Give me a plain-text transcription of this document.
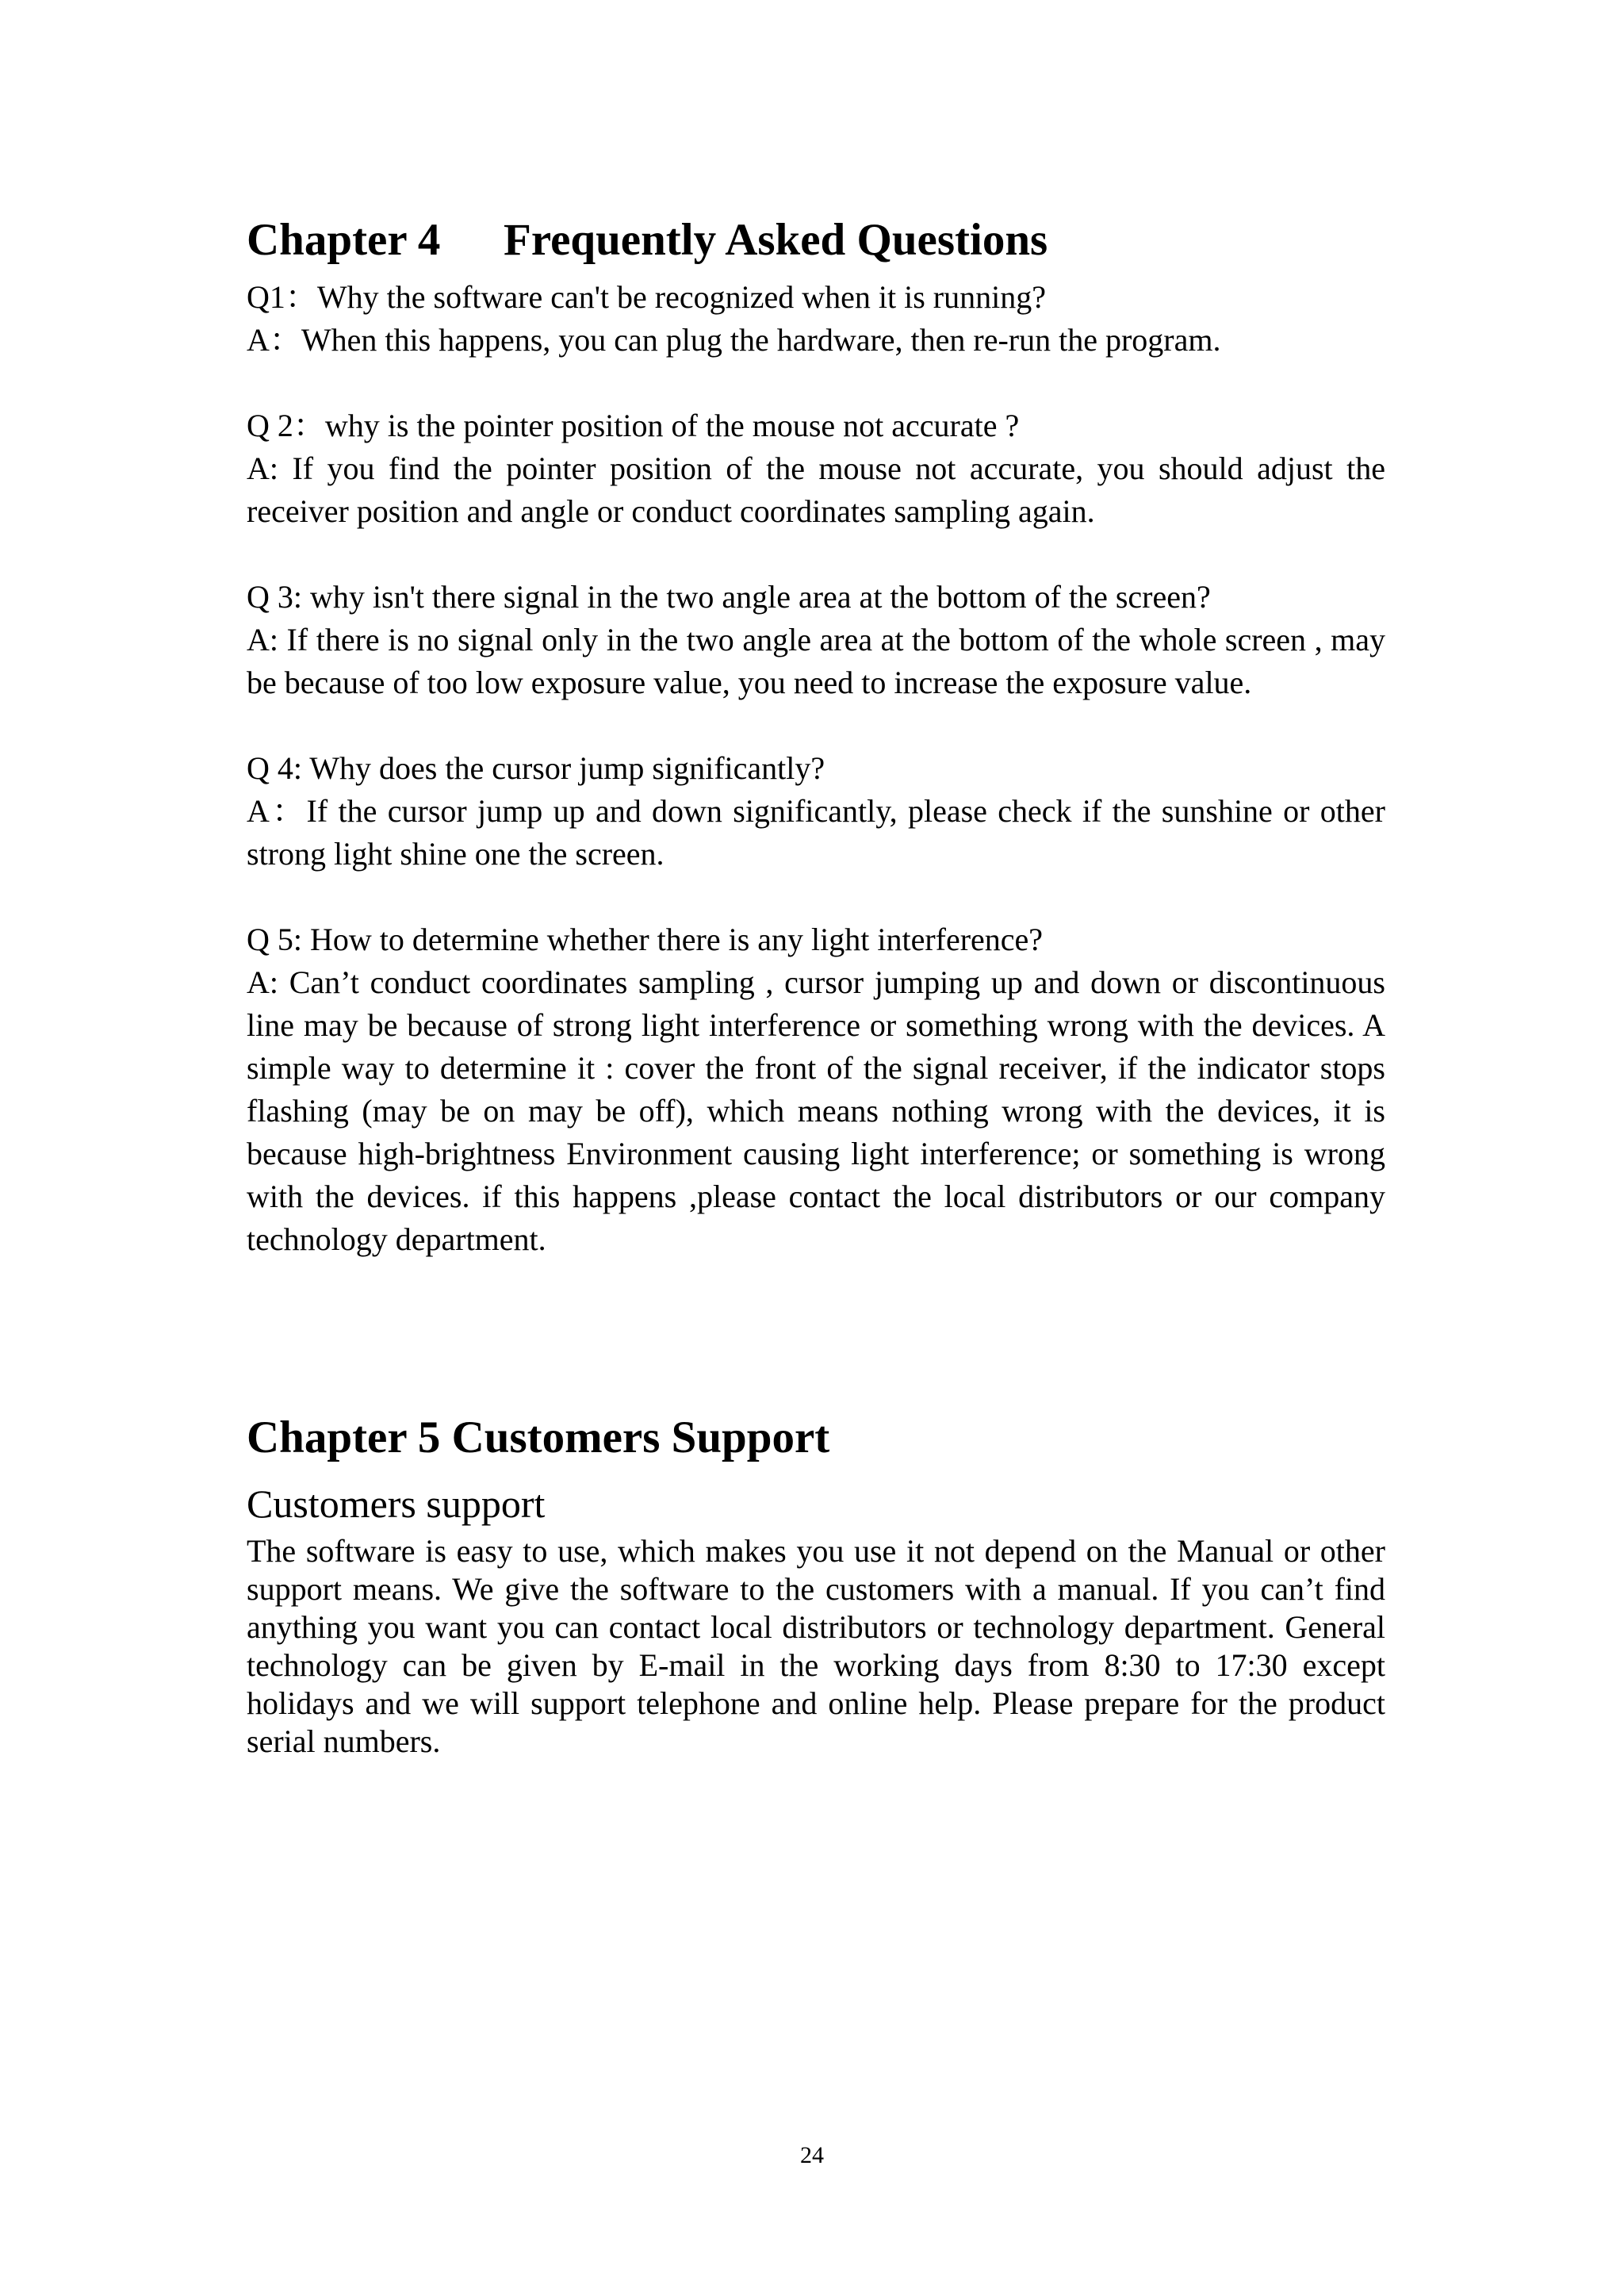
Chapter 4 Frequently Asked Questions

Q1：Why the software can't be recognized when it is running?

A：When this happens, you can plug the hardware, then re-run the program.

Q 2：why is the pointer position of the mouse not accurate ?

A: If you find the pointer position of the mouse not accurate, you should adjust the receiver position and angle or conduct coordinates sampling again.

Q 3: why isn't there signal in the two angle area at the bottom of the screen?

A: If there is no signal only in the two angle area at the bottom of the whole screen , may be because of too low exposure value, you need to increase the exposure value.

Q 4: Why does the cursor jump significantly?

A：If the cursor jump up and down significantly, please check if the sunshine or other strong light shine one the screen.

Q 5: How to determine whether there is any light interference?

A: Can’t conduct coordinates sampling , cursor jumping up and down or discontinuous line may be because of strong light interference or something wrong with the devices. A simple way to determine it : cover the front of the signal receiver, if the indicator stops flashing (may be on may be off), which means nothing wrong with the devices, it is because high-brightness Environment causing light interference; or something is wrong with the devices. if this happens ,please contact the local distributors or our company technology department.

Chapter 5 Customers Support
Customers support

The software is easy to use, which makes you use it not depend on the Manual or other support means. We give the software to the customers with a manual. If you can’t find anything you want you can contact local distributors or technology department. General technology can be given by E-mail in the working days from 8:30 to 17:30 except holidays and we will support telephone and online help. Please prepare for the product serial numbers.

24
